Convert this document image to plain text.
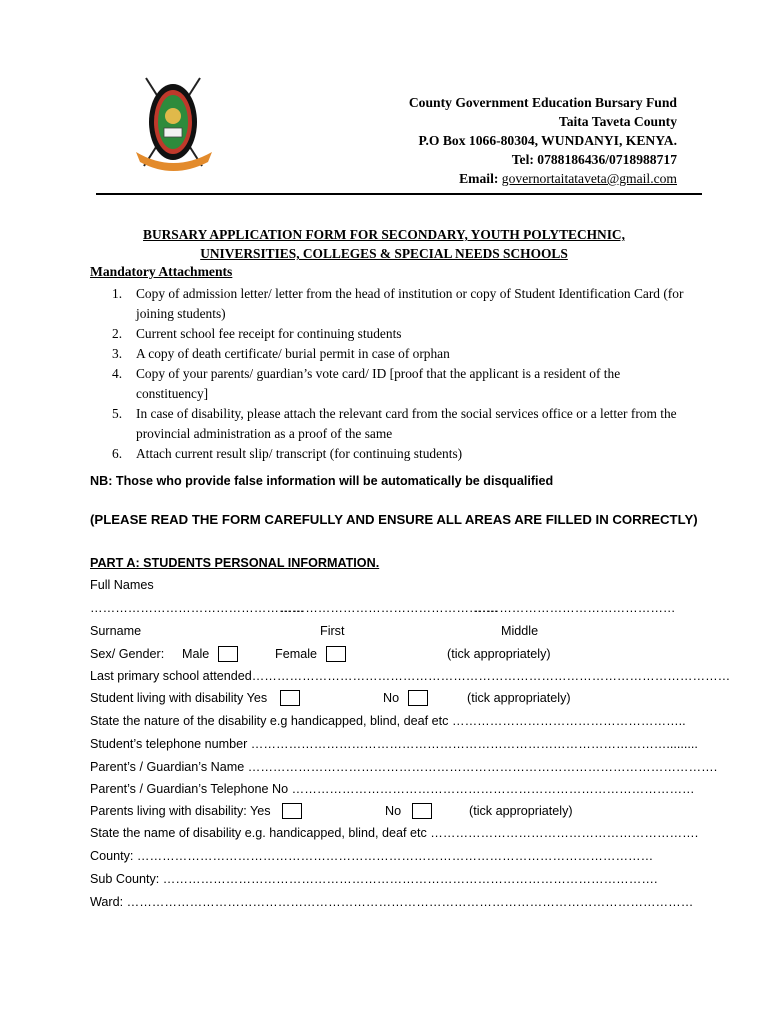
County Government Education Bursary Fund
Taita Taveta County
P.O Box 1066-80304, WUNDANYI, KENYA.
Tel: 0788186436/0718988717
Email: governortaitataveta@gmail.com
BURSARY APPLICATION FORM FOR SECONDARY, YOUTH POLYTECHNIC,
UNIVERSITIES, COLLEGES & SPECIAL NEEDS SCHOOLS
Mandatory Attachments
1. Copy of admission letter/ letter from the head of institution or copy of Student Identification Card (for joining students)
2. Current school fee receipt for continuing students
3. A copy of death certificate/ burial permit in case of orphan
4. Copy of your parents/ guardian’s vote card/ ID [proof that the applicant is a resident of the constituency]
5. In case of disability, please attach the relevant card from the social services office or a letter from the provincial administration as a proof of the same
6. Attach current result slip/ transcript (for continuing students)
NB: Those who provide false information will be automatically be disqualified
(PLEASE READ THE FORM CAREFULLY AND ENSURE ALL AREAS ARE FILLED IN CORRECTLY)
PART A: STUDENTS PERSONAL INFORMATION.
Full Names
……………………………………………
…………………………………………….
…………………………………………
Surname	First	Middle
Sex/ Gender: Male	Female	(tick appropriately)
Last primary school attended……………………………………………………………………………………………………
Student living with disability Yes	No	(tick appropriately)
State the nature of the disability e.g handicapped, blind, deaf etc ………………………………………………..
Student’s telephone number ……………………………………………………………………………………….........
Parent’s / Guardian’s Name ………………………………………………………………………………………………….
Parent’s / Guardian’s Telephone No ……………………………………………………………………………………
Parents living with disability: Yes	No	(tick appropriately)
State the name of disability e.g. handicapped, blind, deaf etc ……………………………………………………….
County: ……………………………………………………………………………………………………………
Sub County: ……………………………………………………………………………………………………….
Ward: ………………………………………………………………………………………………………………………
